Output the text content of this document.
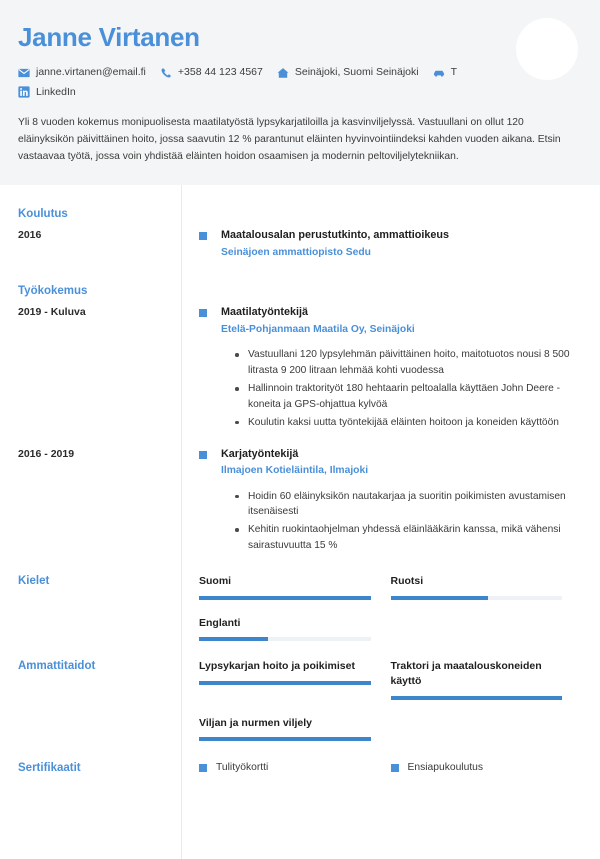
Janne Virtanen
janne.virtanen@email.fi	+358 44 123 4567	Seinäjoki, Suomi Seinäjoki	T
LinkedIn
Yli 8 vuoden kokemus monipuolisesta maatilatyöstä lypsykarjatiloilla ja kasvinviljelyssä. Vastuullani on ollut 120 eläinyksikön päivittäinen hoito, jossa saavutin 12 % parantunut eläinten hyvinvointiindeksi kahden vuoden aikana. Etsin vastaavaa työtä, jossa voin yhdistää eläinten hoidon osaamisen ja modernin peltoviljelytekniikan.
Koulutus
2016	Maatalousalan perustutkinto, ammattioikeus
Seinäjoen ammattiopisto Sedu
Työkokemus
2019 - Kuluva	Maatilatyöntekijä
Etelä-Pohjanmaan Maatila Oy, Seinäjoki
Vastuullani 120 lypsylehmän päivittäinen hoito, maitotuotos nousi 8 500 litrasta 9 200 litraan lehmää kohti vuodessa
Hallinnoin traktorityöt 180 hehtaarin peltoalalla käyttäen John Deere -koneita ja GPS-ohjattua kylvöä
Koulutin kaksi uutta työntekijää eläinten hoitoon ja koneiden käyttöön
2016 - 2019	Karjatyöntekijä
Ilmajoen Kotieläintila, Ilmajoki
Hoidin 60 eläinyksikön nautakarjaa ja suoritin poikimisten avustamisen itsenäisesti
Kehitin ruokintaohjelman yhdessä eläinlääkärin kanssa, mikä vähensi sairastuvuutta 15 %
Kielet	Suomi	Ruotsi
Englanti
Ammattitaidot	Lypsykarjan hoito ja poikimiset	Traktori ja maatalouskoneiden käyttö
Viljan ja nurmen viljely
Sertifikaatit	Tulityökortti	Ensiapukoulutus
